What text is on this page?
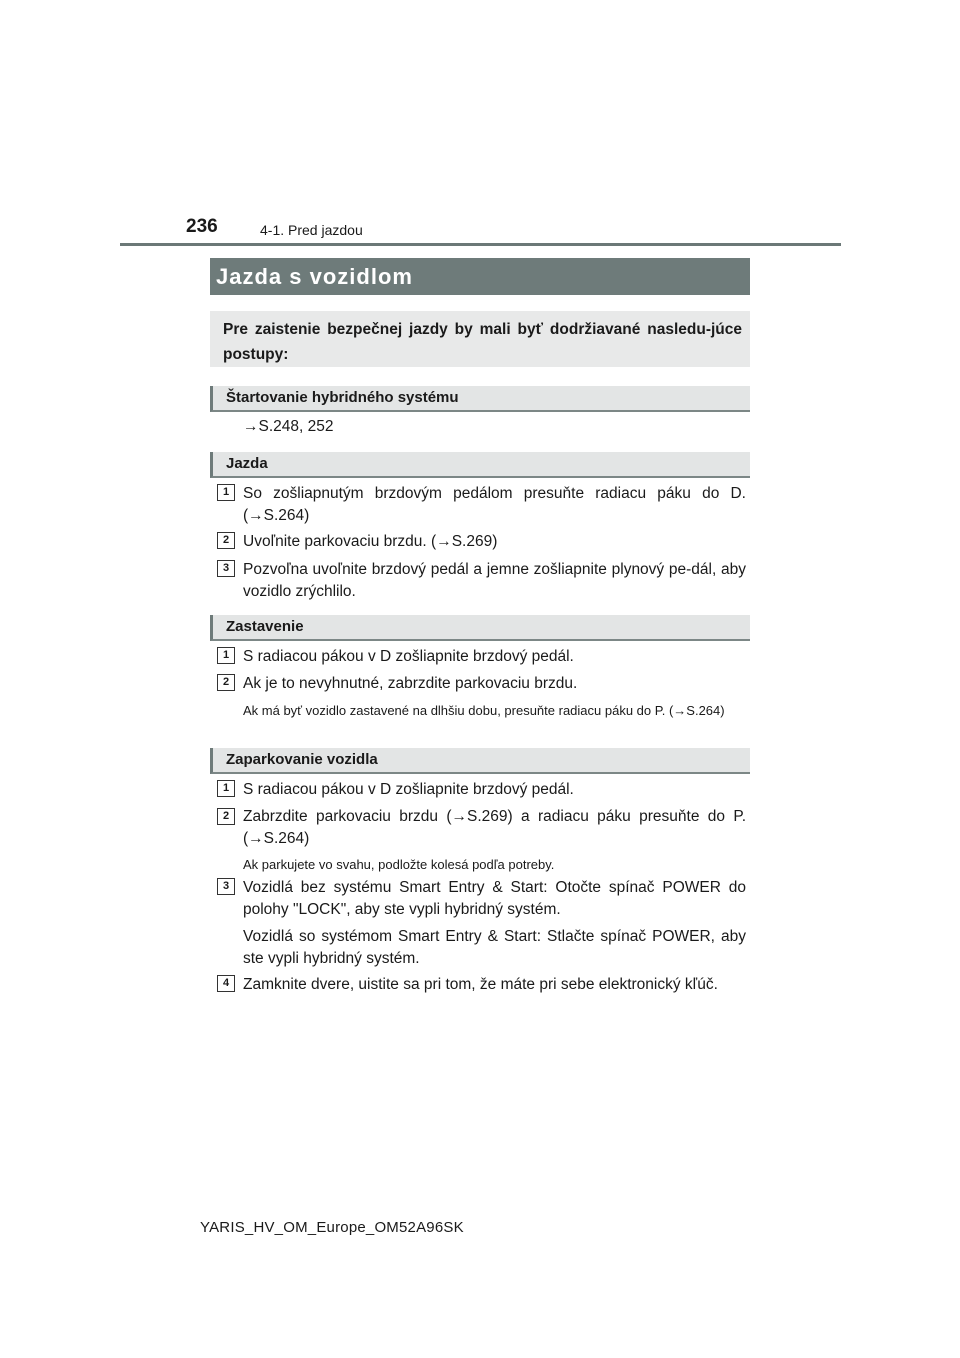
236	4-1. Pred jazdou
Jazda s vozidlom
Pre zaistenie bezpečnej jazdy by mali byť dodržiavané nasledu-júce postupy:
Štartovanie hybridného systému
→S.248, 252
Jazda
1 So zošliapnutým brzdovým pedálom presuňte radiacu páku do D. (→S.264)
2 Uvoľnite parkovaciu brzdu. (→S.269)
3 Pozvoľna uvoľnite brzdový pedál a jemne zošliapnite plynový pe-dál, aby vozidlo zrýchlilo.
Zastavenie
1 S radiacou pákou v D zošliapnite brzdový pedál.
2 Ak je to nevyhnutné, zabrzdite parkovaciu brzdu.
Ak má byť vozidlo zastavené na dlhšiu dobu, presuňte radiacu páku do P. (→S.264)
Zaparkovanie vozidla
1 S radiacou pákou v D zošliapnite brzdový pedál.
2 Zabrzdite parkovaciu brzdu (→S.269) a radiacu páku presuňte do P. (→S.264)
Ak parkujete vo svahu, podložte kolesá podľa potreby.
3 Vozidlá bez systému Smart Entry & Start: Otočte spínač POWER do polohy "LOCK", aby ste vypli hybridný systém.
Vozidlá so systémom Smart Entry & Start: Stlačte spínač POWER, aby ste vypli hybridný systém.
4 Zamknite dvere, uistite sa pri tom, že máte pri sebe elektronický kľúč.
YARIS_HV_OM_Europe_OM52A96SK
